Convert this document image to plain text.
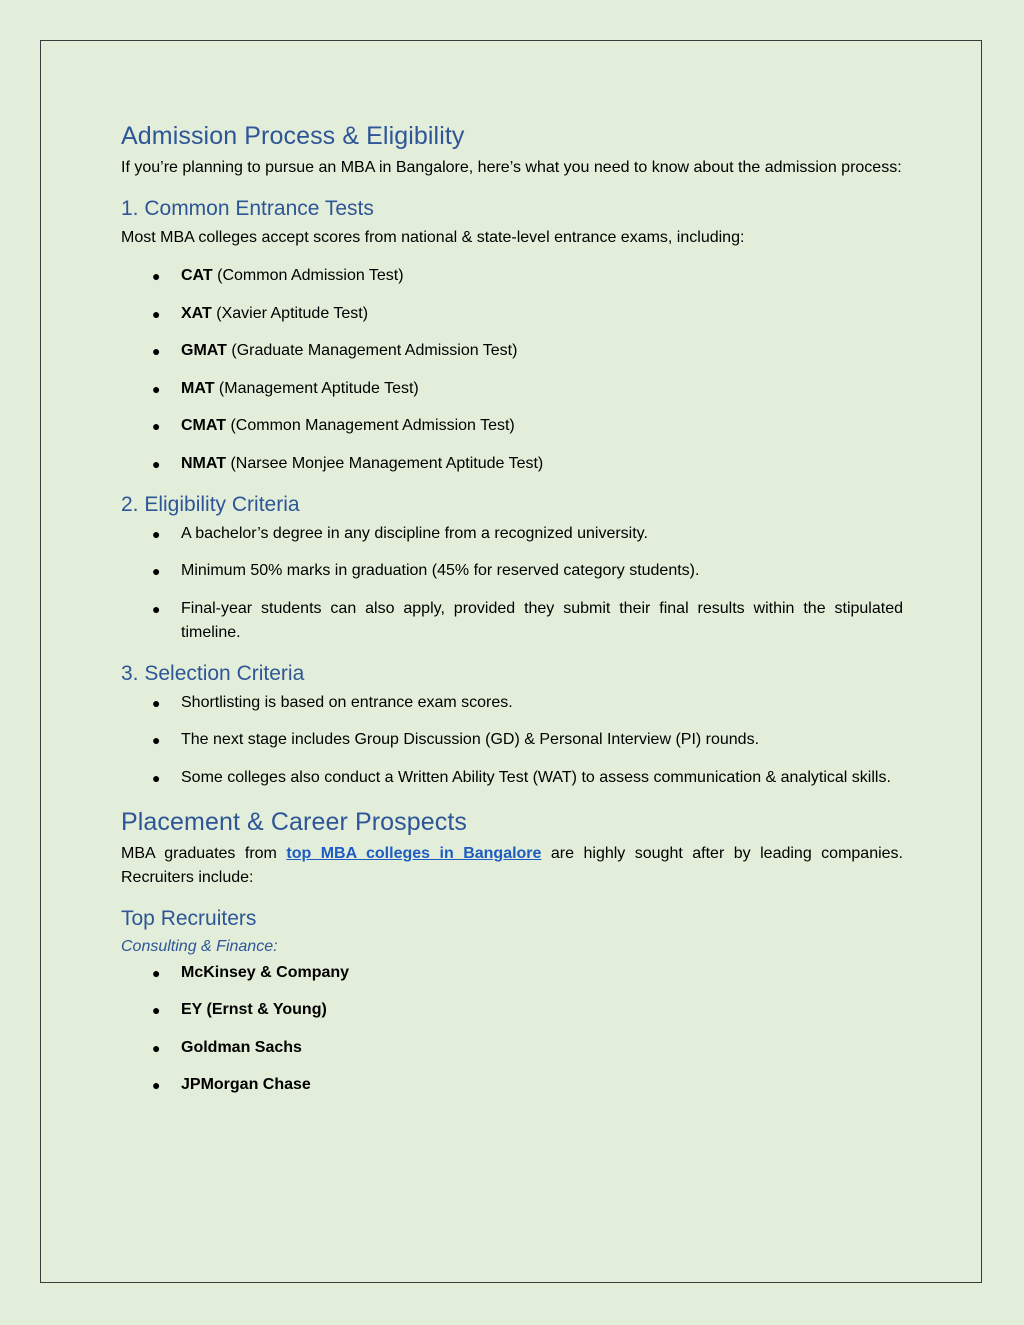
Admission Process & Eligibility

If you’re planning to pursue an MBA in Bangalore, here’s what you need to know about the admission process:

1. Common Entrance Tests

Most MBA colleges accept scores from national & state-level entrance exams, including:

● CAT (Common Admission Test)
● XAT (Xavier Aptitude Test)
● GMAT (Graduate Management Admission Test)
● MAT (Management Aptitude Test)
● CMAT (Common Management Admission Test)
● NMAT (Narsee Monjee Management Aptitude Test)
2. Eligibility Criteria
● A bachelor’s degree in any discipline from a recognized university.
● Minimum 50% marks in graduation (45% for reserved category students).
● Final-year students can also apply, provided they submit their final results within the stipulated timeline.
3. Selection Criteria
● Shortlisting is based on entrance exam scores.
● The next stage includes Group Discussion (GD) & Personal Interview (PI) rounds.
● Some colleges also conduct a Written Ability Test (WAT) to assess communication & analytical skills.
Placement & Career Prospects

MBA graduates from top MBA colleges in Bangalore are highly sought after by leading companies. Recruiters include:

Top Recruiters

Consulting & Finance:

● McKinsey & Company
● EY (Ernst & Young)
● Goldman Sachs
● JPMorgan Chase
